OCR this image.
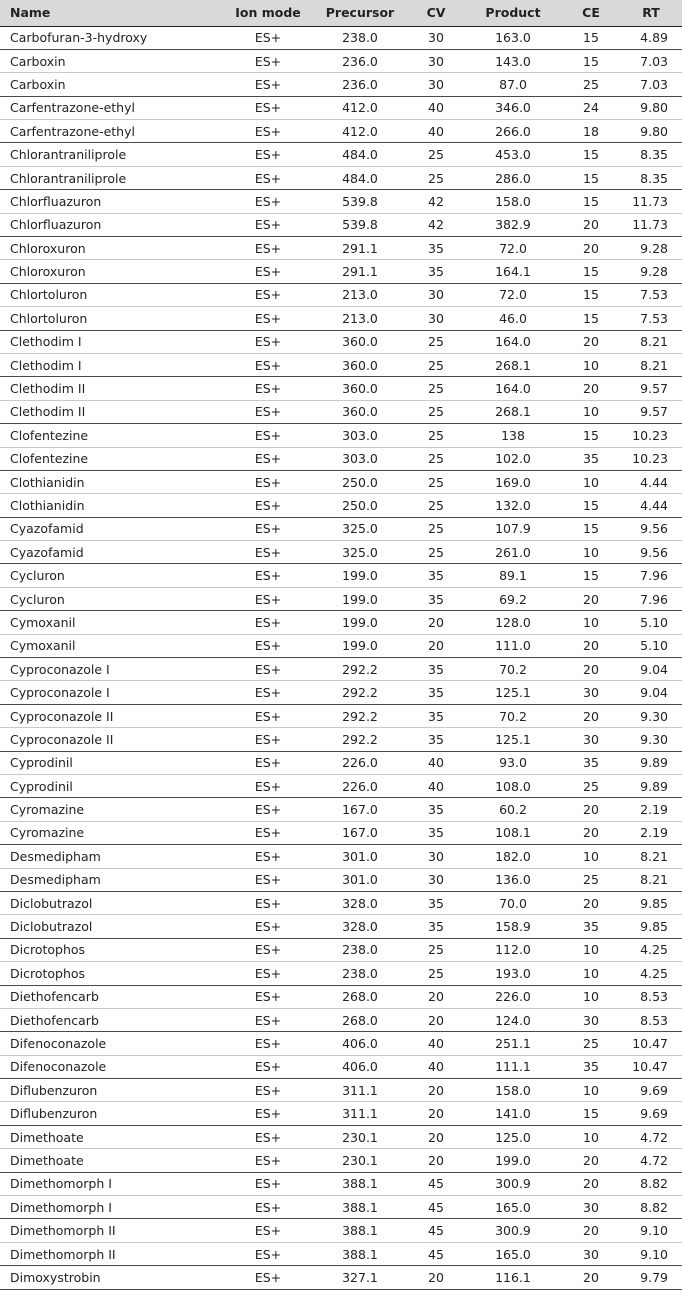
Name	Ion mode	Precursor	CV	Product	CE	RT
Carbofuran-3-hydroxy	ES+	238.0	30	163.0	15	4.89
Carboxin	ES+	236.0	30	143.0	15	7.03
Carboxin	ES+	236.0	30	87.0	25	7.03
Carfentrazone-ethyl	ES+	412.0	40	346.0	24	9.80
Carfentrazone-ethyl	ES+	412.0	40	266.0	18	9.80
Chlorantraniliprole	ES+	484.0	25	453.0	15	8.35
Chlorantraniliprole	ES+	484.0	25	286.0	15	8.35
Chlorfluazuron	ES+	539.8	42	158.0	15	11.73
Chlorfluazuron	ES+	539.8	42	382.9	20	11.73
Chloroxuron	ES+	291.1	35	72.0	20	9.28
Chloroxuron	ES+	291.1	35	164.1	15	9.28
Chlortoluron	ES+	213.0	30	72.0	15	7.53
Chlortoluron	ES+	213.0	30	46.0	15	7.53
Clethodim I	ES+	360.0	25	164.0	20	8.21
Clethodim I	ES+	360.0	25	268.1	10	8.21
Clethodim II	ES+	360.0	25	164.0	20	9.57
Clethodim II	ES+	360.0	25	268.1	10	9.57
Clofentezine	ES+	303.0	25	138	15	10.23
Clofentezine	ES+	303.0	25	102.0	35	10.23
Clothianidin	ES+	250.0	25	169.0	10	4.44
Clothianidin	ES+	250.0	25	132.0	15	4.44
Cyazofamid	ES+	325.0	25	107.9	15	9.56
Cyazofamid	ES+	325.0	25	261.0	10	9.56
Cycluron	ES+	199.0	35	89.1	15	7.96
Cycluron	ES+	199.0	35	69.2	20	7.96
Cymoxanil	ES+	199.0	20	128.0	10	5.10
Cymoxanil	ES+	199.0	20	111.0	20	5.10
Cyproconazole I	ES+	292.2	35	70.2	20	9.04
Cyproconazole I	ES+	292.2	35	125.1	30	9.04
Cyproconazole II	ES+	292.2	35	70.2	20	9.30
Cyproconazole II	ES+	292.2	35	125.1	30	9.30
Cyprodinil	ES+	226.0	40	93.0	35	9.89
Cyprodinil	ES+	226.0	40	108.0	25	9.89
Cyromazine	ES+	167.0	35	60.2	20	2.19
Cyromazine	ES+	167.0	35	108.1	20	2.19
Desmedipham	ES+	301.0	30	182.0	10	8.21
Desmedipham	ES+	301.0	30	136.0	25	8.21
Diclobutrazol	ES+	328.0	35	70.0	20	9.85
Diclobutrazol	ES+	328.0	35	158.9	35	9.85
Dicrotophos	ES+	238.0	25	112.0	10	4.25
Dicrotophos	ES+	238.0	25	193.0	10	4.25
Diethofencarb	ES+	268.0	20	226.0	10	8.53
Diethofencarb	ES+	268.0	20	124.0	30	8.53
Difenoconazole	ES+	406.0	40	251.1	25	10.47
Difenoconazole	ES+	406.0	40	111.1	35	10.47
Diflubenzuron	ES+	311.1	20	158.0	10	9.69
Diflubenzuron	ES+	311.1	20	141.0	15	9.69
Dimethoate	ES+	230.1	20	125.0	10	4.72
Dimethoate	ES+	230.1	20	199.0	20	4.72
Dimethomorph I	ES+	388.1	45	300.9	20	8.82
Dimethomorph I	ES+	388.1	45	165.0	30	8.82
Dimethomorph II	ES+	388.1	45	300.9	20	9.10
Dimethomorph II	ES+	388.1	45	165.0	30	9.10
Dimoxystrobin	ES+	327.1	20	116.1	20	9.79
